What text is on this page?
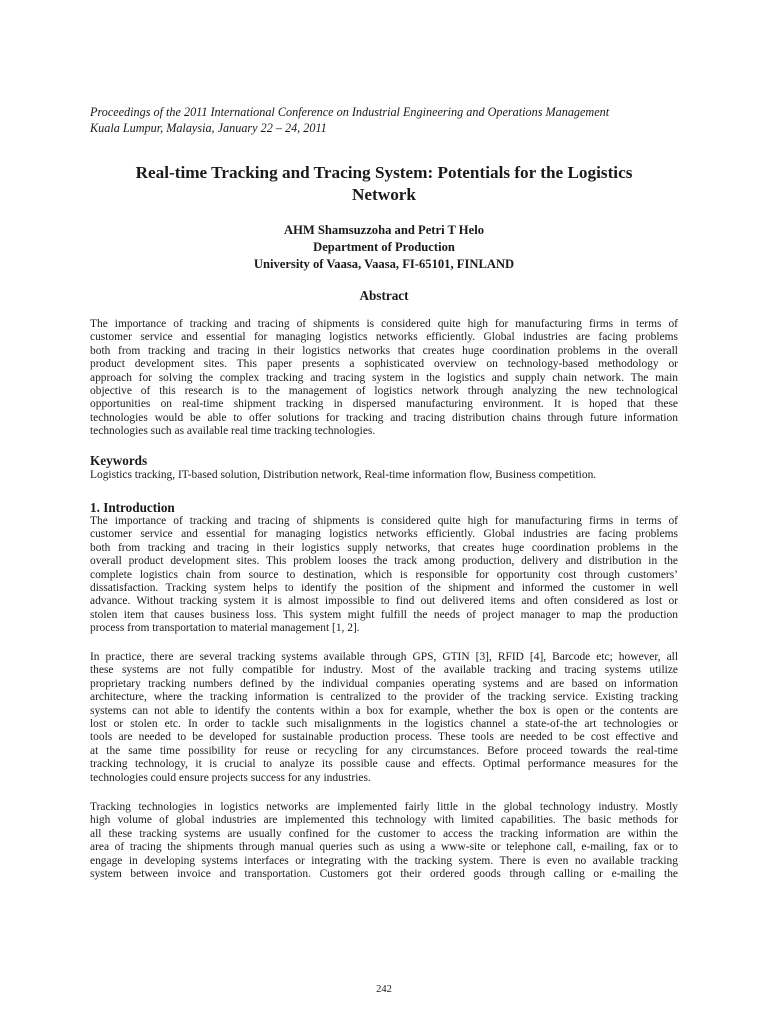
Proceedings of the 2011 International Conference on Industrial Engineering and Operations Management
Kuala Lumpur, Malaysia, January 22 – 24, 2011
Real-time Tracking and Tracing System: Potentials for the Logistics
Network
AHM Shamsuzzoha and Petri T Helo
Department of Production
University of Vaasa, Vaasa, FI-65101, FINLAND
Abstract
The importance of tracking and tracing of shipments is considered quite high for manufacturing firms in terms of
customer service and essential for managing logistics networks efficiently. Global industries are facing problems
both from tracking and tracing in their logistics networks that creates huge coordination problems in the overall
product development sites. This paper presents a sophisticated overview on technology-based methodology or
approach for solving the complex tracking and tracing system in the logistics and supply chain network. The main
objective of this research is to the management of logistics network through analyzing the new technological
opportunities on real-time shipment tracking in dispersed manufacturing environment. It is hoped that these
technologies would be able to offer solutions for tracking and tracing distribution chains through future information
technologies such as available real time tracking technologies.
Keywords
Logistics tracking, IT-based solution, Distribution network, Real-time information flow, Business competition.
1. Introduction
The importance of tracking and tracing of shipments is considered quite high for manufacturing firms in terms of
customer service and essential for managing logistics networks efficiently. Global industries are facing problems
both from tracking and tracing in their logistics supply networks, that creates huge coordination problems in the
overall product development sites. This problem looses the track among production, delivery and distribution in the
complete logistics chain from source to destination, which is responsible for opportunity cost through customers’
dissatisfaction. Tracking system helps to identify the position of the shipment and informed the customer in well
advance. Without tracking system it is almost impossible to find out delivered items and often considered as lost or
stolen item that causes business loss. This system might fulfill the needs of project manager to map the production
process from transportation to material management [1, 2].
In practice, there are several tracking systems available through GPS, GTIN [3], RFID [4], Barcode etc; however, all
these systems are not fully compatible for industry. Most of the available tracking and tracing systems utilize
proprietary tracking numbers defined by the individual companies operating systems and are based on information
architecture, where the tracking information is centralized to the provider of the tracking service. Existing tracking
systems can not able to identify the contents within a box for example, whether the box is open or the contents are
lost or stolen etc. In order to tackle such misalignments in the logistics channel a state-of-the art technologies or
tools are needed to be developed for sustainable production process. These tools are needed to be cost effective and
at the same time possibility for reuse or recycling for any circumstances. Before proceed towards the real-time
tracking technology, it is crucial to analyze its possible cause and effects. Optimal performance measures for the
technologies could ensure projects success for any industries.
Tracking technologies in logistics networks are implemented fairly little in the global technology industry. Mostly
high volume of global industries are implemented this technology with limited capabilities. The basic methods for
all these tracking systems are usually confined for the customer to access the tracking information are within the
area of tracing the shipments through manual queries such as using a www-site or telephone call, e-mailing, fax or to
engage in developing systems interfaces or integrating with the tracking system. There is even no available tracking
system between invoice and transportation. Customers got their ordered goods through calling or e-mailing the
242
